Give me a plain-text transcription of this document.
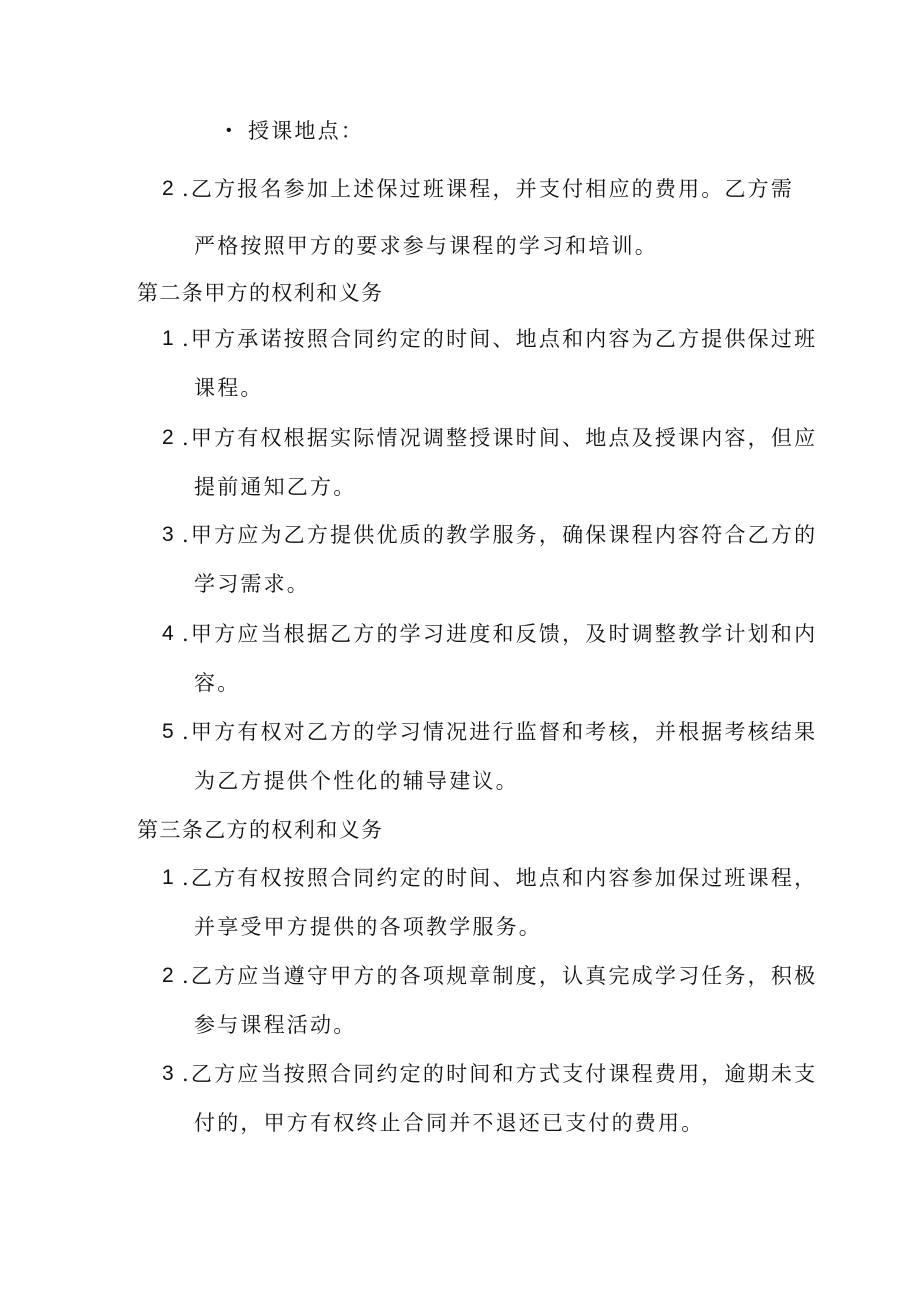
• 授课地点：
2 .乙方报名参加上述保过班课程，并支付相应的费用。乙方需
严格按照甲方的要求参与课程的学习和培训。
第二条甲方的权利和义务
1 .甲方承诺按照合同约定的时间、地点和内容为乙方提供保过班
课程。
2 .甲方有权根据实际情况调整授课时间、地点及授课内容，但应
提前通知乙方。
3 .甲方应为乙方提供优质的教学服务，确保课程内容符合乙方的
学习需求。
4 .甲方应当根据乙方的学习进度和反馈，及时调整教学计划和内
容。
5 .甲方有权对乙方的学习情况进行监督和考核，并根据考核结果
为乙方提供个性化的辅导建议。
第三条乙方的权利和义务
1 .乙方有权按照合同约定的时间、地点和内容参加保过班课程，
并享受甲方提供的各项教学服务。
2 .乙方应当遵守甲方的各项规章制度，认真完成学习任务，积极
参与课程活动。
3 .乙方应当按照合同约定的时间和方式支付课程费用，逾期未支
付的，甲方有权终止合同并不退还已支付的费用。
